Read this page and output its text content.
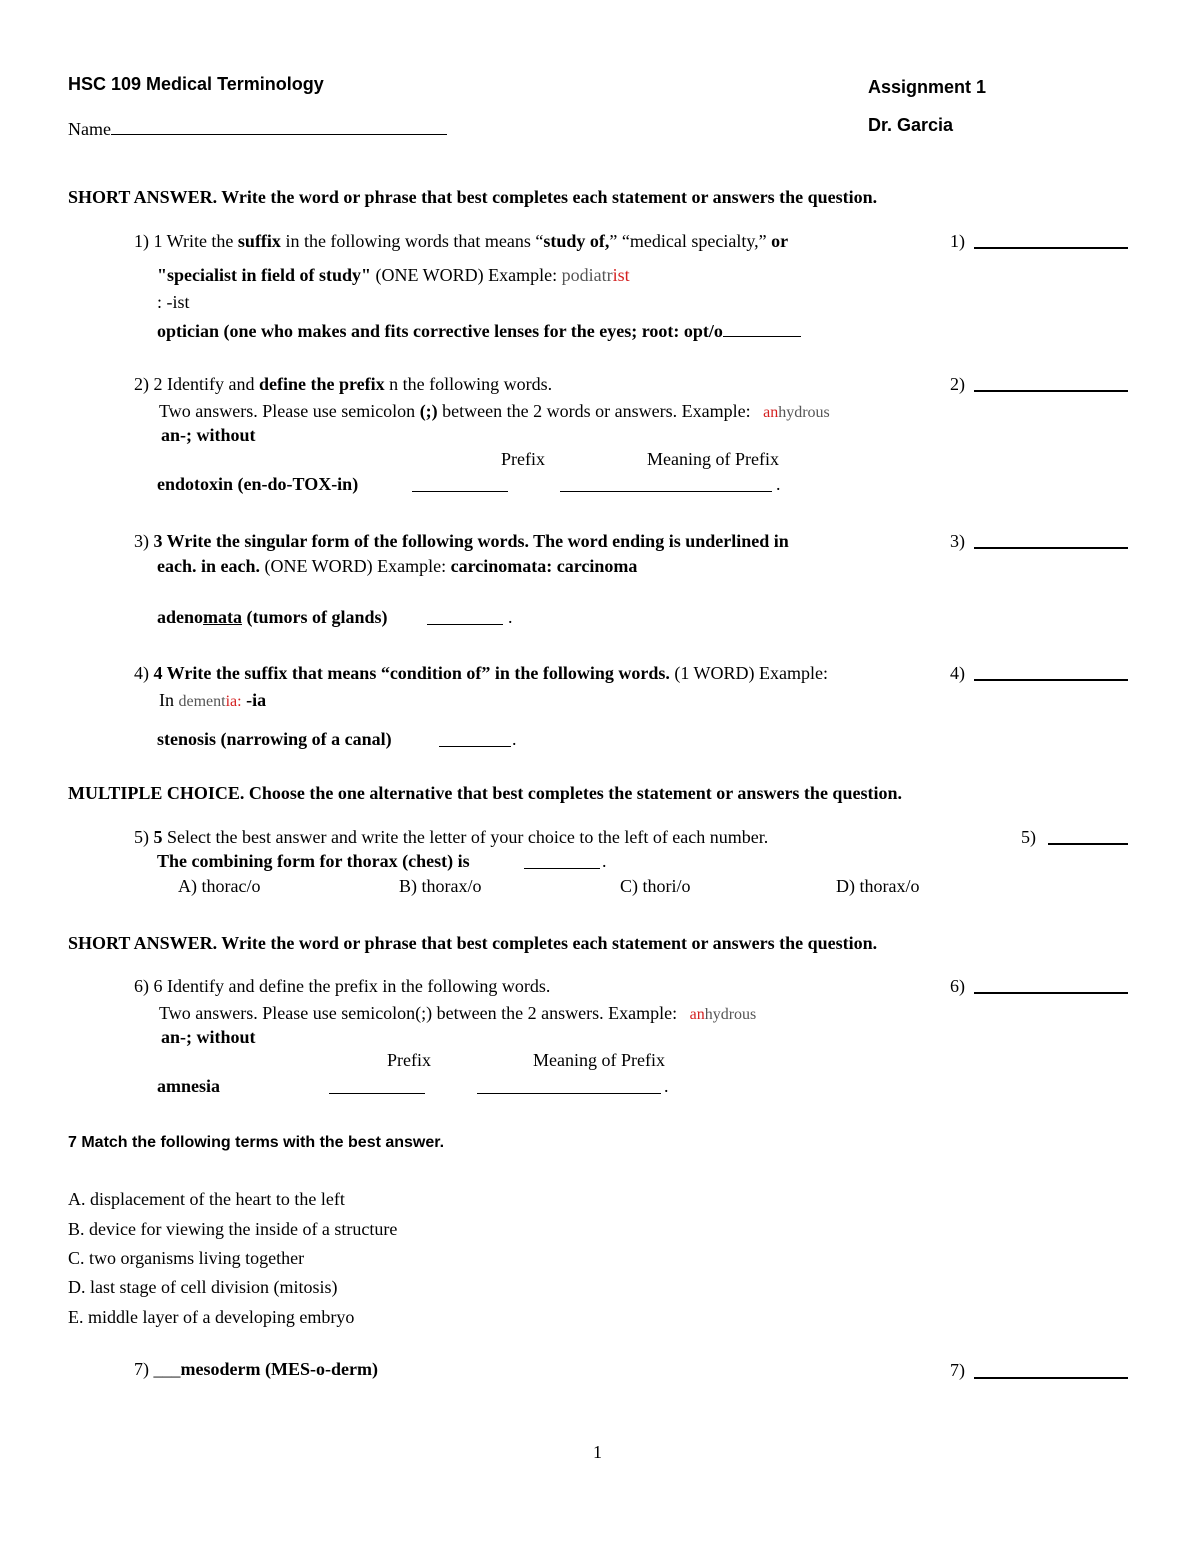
HSC 109 Medical Terminology	Assignment 1
Name	Dr. Garcia
SHORT ANSWER. Write the word or phrase that best completes each statement or answers the question.
1) 1 Write the suffix in the following words that means “study of,” “medical specialty,” or
"specialist in field of study" (ONE WORD) Example: podiatrist
: -ist
optician (one who makes and fits corrective lenses for the eyes; root: opt/o
1)
2) 2 Identify and define the prefix n the following words.
Two answers. Please use semicolon (;) between the 2 words or answers. Example: anhydrous
an-; without
Prefix	Meaning of Prefix
endotoxin (en-do-TOX-in)	.
2)
3) 3 Write the singular form of the following words. The word ending is underlined in
each. in each. (ONE WORD) Example: carcinomata: carcinoma
adenomata (tumors of glands)	.
3)
4) 4 Write the suffix that means “condition of” in the following words. (1 WORD) Example:
In dementia: -ia
stenosis (narrowing of a canal)	.
4)
MULTIPLE CHOICE. Choose the one alternative that best completes the statement or answers the question.
5) 5 Select the best answer and write the letter of your choice to the left of each number.
The combining form for thorax (chest) is	.
A) thorac/o	B) thorax/o	C) thori/o	D) thorax/o
5)
SHORT ANSWER. Write the word or phrase that best completes each statement or answers the question.
6) 6 Identify and define the prefix in the following words.
Two answers. Please use semicolon(;) between the 2 answers. Example: anhydrous
an-; without
Prefix	Meaning of Prefix
amnesia	.
6)
7 Match the following terms with the best answer.
A. displacement of the heart to the left
B. device for viewing the inside of a structure
C. two organisms living together
D. last stage of cell division (mitosis)
E. middle layer of a developing embryo
7) ___mesoderm (MES-o-derm)	7)
1
